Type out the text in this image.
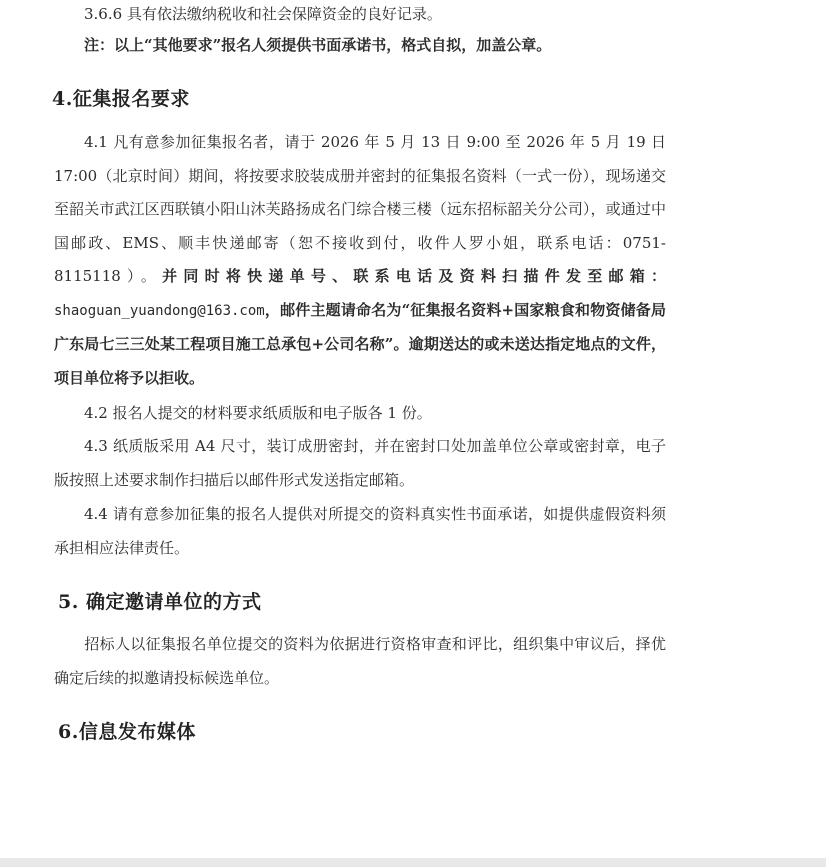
3.6.6 具有依法缴纳税收和社会保障资金的良好记录。

注：以上“其他要求”报名人须提供书面承诺书，格式自拟，加盖公章。

4.征集报名要求

4.1 凡有意参加征集报名者，请于 2026 年 5 月 13 日 9:00 至 2026 年 5 月 19 日 17:00（北京时间）期间，将按要求胶装成册并密封的征集报名资料（一式一份），现场递交至韶关市武江区西联镇小阳山沐芙路扬成名门综合楼三楼（远东招标韶关分公司），或通过中国邮政、EMS、顺丰快递邮寄（恕不接收到付，收件人罗小姐，联系电话：0751-8115118）。并同时将快递单号、联系电话及资料扫描件发至邮箱：shaoguan_yuandong@163.com，邮件主题请命名为“征集报名资料+国家粮食和物资储备局广东局七三三处某工程项目施工总承包+公司名称”。逾期送达的或未送达指定地点的文件，项目单位将予以拒收。

4.2 报名人提交的材料要求纸质版和电子版各 1 份。

4.3 纸质版采用 A4 尺寸，装订成册密封，并在密封口处加盖单位公章或密封章，电子版按照上述要求制作扫描后以邮件形式发送指定邮箱。

4.4 请有意参加征集的报名人提供对所提交的资料真实性书面承诺，如提供虚假资料须承担相应法律责任。

5. 确定邀请单位的方式

招标人以征集报名单位提交的资料为依据进行资格审查和评比，组织集中审议后，择优确定后续的拟邀请投标候选单位。

6.信息发布媒体
